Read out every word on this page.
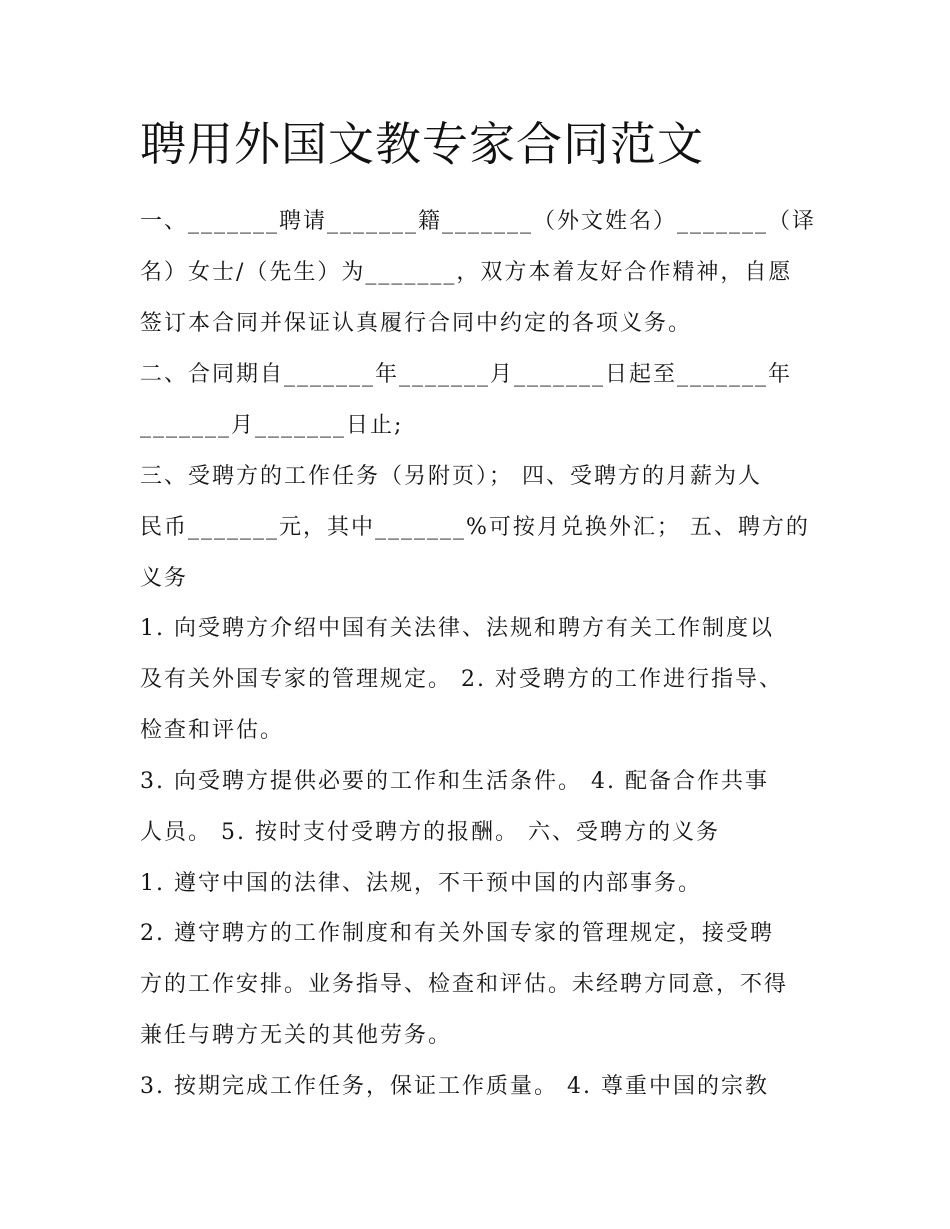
聘用外国文教专家合同范文
一、_______聘请_______籍_______（外文姓名）_______（译
名）女士/（先生）为_______，双方本着友好合作精神，自愿
签订本合同并保证认真履行合同中约定的各项义务。
二、合同期自_______年_______月_______日起至_______年
_______月_______日止;
三、受聘方的工作任务（另附页）； 四、受聘方的月薪为人
民币_______元，其中_______%可按月兑换外汇； 五、聘方的
义务
1. 向受聘方介绍中国有关法律、法规和聘方有关工作制度以
及有关外国专家的管理规定。 2. 对受聘方的工作进行指导、
检查和评估。
3. 向受聘方提供必要的工作和生活条件。 4. 配备合作共事
人员。 5. 按时支付受聘方的报酬。 六、受聘方的义务
1. 遵守中国的法律、法规，不干预中国的内部事务。
2. 遵守聘方的工作制度和有关外国专家的管理规定，接受聘
方的工作安排。业务指导、检查和评估。未经聘方同意，不得
兼任与聘方无关的其他劳务。
3. 按期完成工作任务，保证工作质量。 4. 尊重中国的宗教
